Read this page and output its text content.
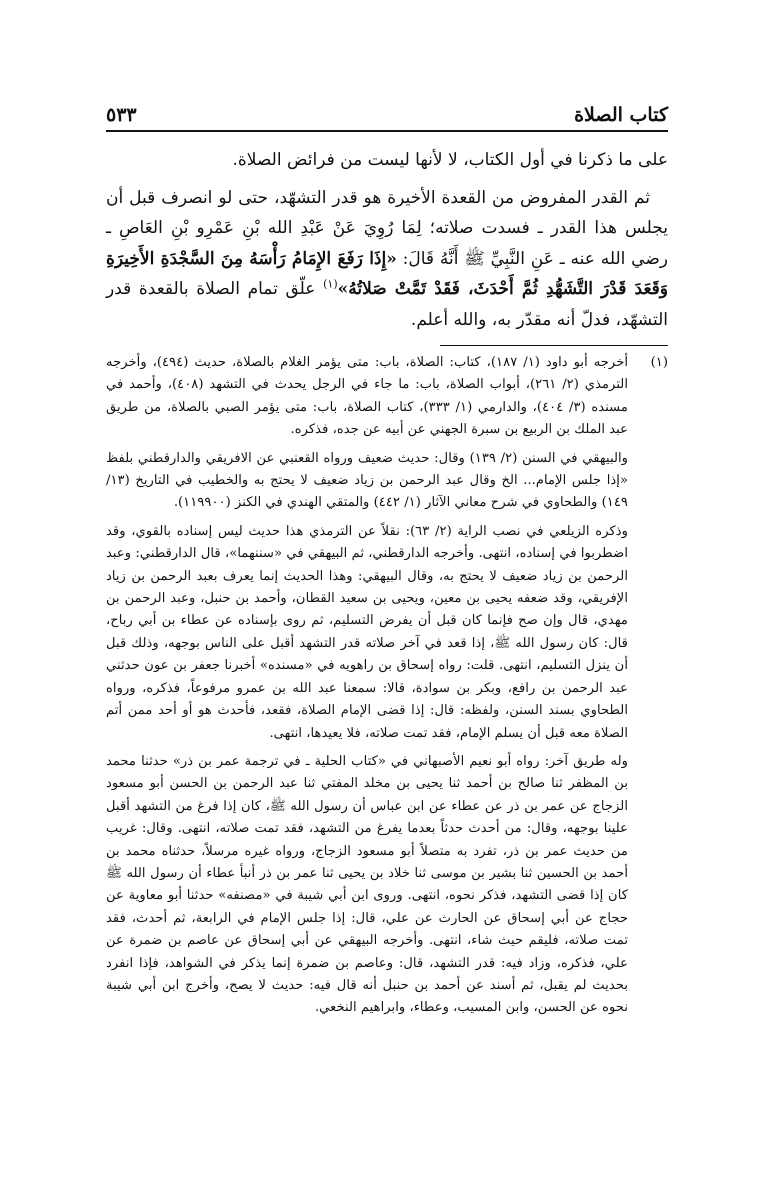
كتاب الصلاة
٥٣٣

على ما ذكرنا في أول الكتاب، لا لأنها ليست من فرائض الصلاة.

ثم القدر المفروض من القعدة الأخيرة هو قدر التشهّد، حتى لو انصرف قبل أن يجلس هذا القدر ـ فسدت صلاته؛ لِمَا رُوِيَ عَنْ عَبْدِ الله بْنِ عَمْرِو بْنِ العَاصِ ـ رضي الله عنه ـ عَنِ النَّبِيِّ ﷺ أَنَّهُ قَالَ: «إِذَا رَفَعَ الإِمَامُ رَأْسَهُ مِنَ السَّجْدَةِ الأَخِيرَةِ وَقَعَدَ قَدْرَ التَّشَهُّدِ ثُمَّ أَحْدَثَ، فَقَدْ تَمَّتْ صَلاتُهُ»$^{(١)}$ علّق تمام الصلاة بالقعدة قدر التشهّد، فدلّ أنه مقدّر به، والله أعلم.

(١)

أخرجه أبو داود (١/ ١٨٧)، كتاب: الصلاة، باب: متى يؤمر الغلام بالصلاة، حديث (٤٩٤)، وأخرجه الترمذي (٢/ ٢٦١)، أبواب الصلاة، باب: ما جاء في الرجل يحدث في التشهد (٤٠٨)، وأحمد في مسنده (٣/ ٤٠٤)، والدارمي (١/ ٣٣٣)، كتاب الصلاة، باب: متى يؤمر الصبي بالصلاة، من طريق عبد الملك بن الربيع بن سبرة الجهني عن أبيه عن جده، فذكره.

والبيهقي في السنن (٢/ ١٣٩) وقال: حديث ضعيف ورواه القعنبي عن الافريقي والدارقطني بلفظ «إذا جلس الإمام... الخ وقال عبد الرحمن بن زياد ضعيف لا يحتج به والخطيب في التاريخ (١٣/ ١٤٩) والطحاوي في شرح معاني الآثار (١/ ٤٤٢) والمتقي الهندي في الكنز (١١٩٩٠٠).

وذكره الزيلعي في نصب الراية (٢/ ٦٣): نقلاً عن الترمذي هذا حديث ليس إسناده بالقوي، وقد اضطربوا في إسناده، انتهى. وأخرجه الدارقطني، ثم البيهقي في «سننهما»، قال الدارقطني: وعبد الرحمن بن زياد ضعيف لا يحتج به، وقال البيهقي: وهذا الحديث إنما يعرف بعبد الرحمن بن زياد الإفريقي، وقد ضعفه يحيى بن معين، ويحيى بن سعيد القطان، وأحمد بن حنبل، وعبد الرحمن بن مهدي، قال وإن صح فإنما كان قبل أن يفرض التسليم، ثم روى بإسناده عن عطاء بن أبي رباح، قال: كان رسول الله ﷺ، إذا قعد في آخر صلاته قدر التشهد أقبل على الناس بوجهه، وذلك قبل أن ينزل التسليم، انتهى. قلت: رواه إسحاق بن راهويه في «مسنده» أخبرنا جعفر بن عون حدثني عبد الرحمن بن رافع، وبكر بن سوادة، قالا: سمعنا عبد الله بن عمرو مرفوعاً، فذكره، ورواه الطحاوي بسند السنن، ولفظه: قال: إذا قضى الإمام الصلاة، فقعد، فأحدث هو أو أحد ممن أتم الصلاة معه قبل أن يسلم الإمام، فقد تمت صلاته، فلا يعيدها، انتهى.

وله طريق آخر: رواه أبو نعيم الأصبهاني في «كتاب الحلية ـ في ترجمة عمر بن ذر» حدثنا محمد بن المظفر ثنا صالح بن أحمد ثنا يحيى بن مخلد المفتي ثنا عبد الرحمن بن الحسن أبو مسعود الزجاج عن عمر بن ذر عن عطاء عن ابن عباس أن رسول الله ﷺ، كان إذا فرغ من التشهد أقبل علينا بوجهه، وقال: من أحدث حدثاً بعدما يفرغ من التشهد، فقد تمت صلاته، انتهى. وقال: غريب من حديث عمر بن ذر، تفرد به متصلاً أبو مسعود الزجاج، ورواه غيره مرسلاً، حدثناه محمد بن أحمد بن الحسين ثنا بشير بن موسى ثنا خلاد بن يحيى ثنا عمر بن ذر أنبأ عطاء أن رسول الله ﷺ كان إذا قضى التشهد، فذكر نحوه، انتهى. وروى ابن أبي شيبة في «مصنفه» حدثنا أبو معاوية عن حجاج عن أبي إسحاق عن الحارث عن علي، قال: إذا جلس الإمام في الرابعة، ثم أحدث، فقد تمت صلاته، فليقم حيث شاء، انتهى. وأخرجه البيهقي عن أبي إسحاق عن عاصم بن ضمرة عن علي، فذكره، وزاد فيه: قدر التشهد، قال: وعاصم بن ضمرة إنما يذكر في الشواهد، فإذا انفرد بحديث لم يقبل، ثم أسند عن أحمد بن حنبل أنه قال فيه: حديث لا يصح، وأخرج ابن أبي شيبة نحوه عن الحسن، وابن المسيب، وعطاء، وابراهيم النخعي.
